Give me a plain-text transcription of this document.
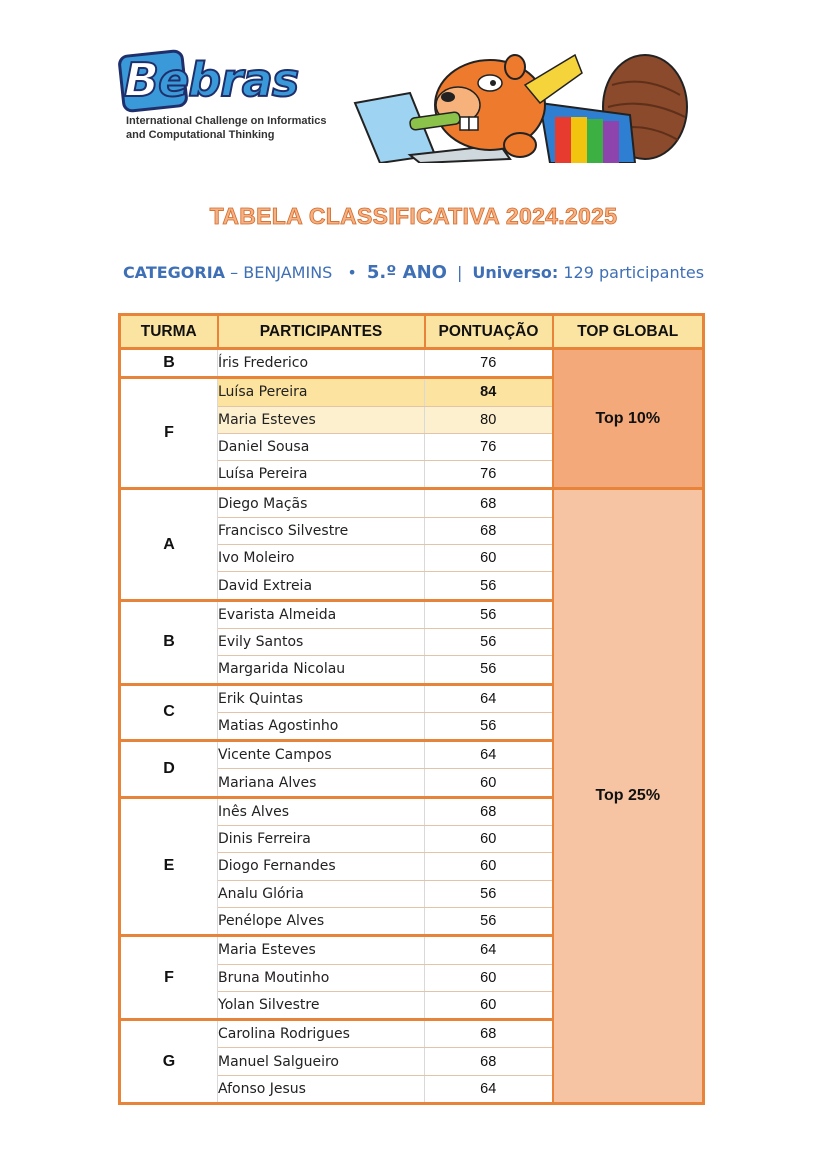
Bebras
International Challenge on Informatics
and Computational Thinking
TABELA CLASSIFICATIVA 2024.2025
CATEGORIA – BENJAMINS • 5.º ANO | Universo: 129 participantes
TURMA	PARTICIPANTES	PONTUAÇÃO	TOP GLOBAL
B	Íris Frederico	76	Top 10%
F	Luísa Pereira	84	
	Maria Esteves	80	
	Daniel Sousa	76	
	Luísa Pereira	76	
A	Diego Maçãs	68	Top 25%
	Francisco Silvestre	68	
	Ivo Moleiro	60	
	David Extreia	56	
B	Evarista Almeida	56	
	Evily Santos	56	
	Margarida Nicolau	56	
C	Erik Quintas	64	
	Matias Agostinho	56	
D	Vicente Campos	64	
	Mariana Alves	60	
E	Inês Alves	68	
	Dinis Ferreira	60	
	Diogo Fernandes	60	
	Analu Glória	56	
	Penélope Alves	56	
F	Maria Esteves	64	
	Bruna Moutinho	60	
	Yolan Silvestre	60	
G	Carolina Rodrigues	68	
	Manuel Salgueiro	68	
	Afonso Jesus	64	
